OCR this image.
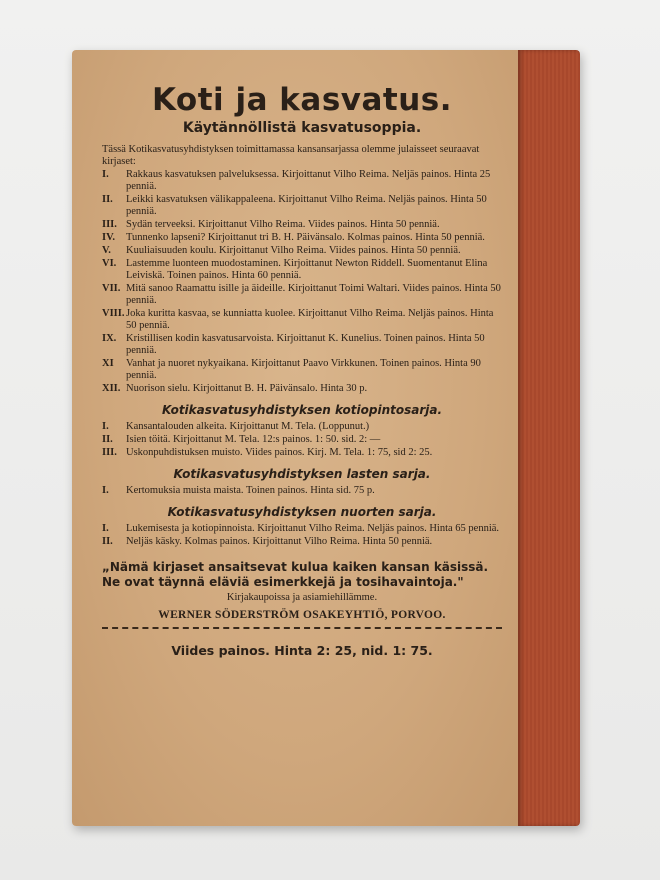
Koti ja kasvatus.
Käytännöllistä kasvatusoppia.

Tässä Kotikasvatusyhdistyksen toimittamassa kansansarjassa olemme julaisseet seuraavat kirjaset:

I.	Rakkaus kasvatuksen palveluksessa. Kirjoittanut Vilho Reima. Neljäs painos. Hinta 25 penniä.
II.	Leikki kasvatuksen välikappaleena. Kirjoittanut Vilho Reima. Neljäs painos. Hinta 50 penniä.
III. Sydän terveeksi. Kirjoittanut Vilho Reima. Viides painos. Hinta 50 penniä.
IV.	Tunnenko lapseni? Kirjoittanut tri B. H. Päivänsalo. Kolmas painos. Hinta 50 penniä.
V.	Kuuliaisuuden koulu. Kirjoittanut Vilho Reima. Viides painos. Hinta 50 penniä.
VI. Lastemme luonteen muodostaminen. Kirjoittanut Newton Riddell. Suomentanut Elina Leiviskä. Toinen painos. Hinta 60 penniä.
VII. Mitä sanoo Raamattu isille ja äideille. Kirjoittanut Toimi Waltari. Viides painos. Hinta 50 penniä.
VIII. Joka kuritta kasvaa, se kunniatta kuolee. Kirjoittanut Vilho Reima. Neljäs painos. Hinta 50 penniä.
IX. Kristillisen kodin kasvatusarvoista. Kirjoittanut K. Kunelius. Toinen painos. Hinta 50 penniä.
XI	Vanhat ja nuoret nykyaikana. Kirjoittanut Paavo Virkkunen. Toinen painos. Hinta 90 penniä.
XII. Nuorison sielu. Kirjoittanut B. H. Päivänsalo. Hinta 30 p.
Kotikasvatusyhdistyksen kotiopintosarja.
I.	Kansantalouden alkeita. Kirjoittanut M. Tela. (Loppunut.)
II.	Isien töitä. Kirjoittanut M. Tela. 12:s painos. 1: 50. sid. 2: —
III. Uskonpuhdistuksen muisto. Viides painos. Kirj. M. Tela. 1: 75, sid 2: 25.
Kotikasvatusyhdistyksen lasten sarja.
I.	Kertomuksia muista maista. Toinen painos. Hinta sid. 75 p.
Kotikasvatusyhdistyksen nuorten sarja.
I.	Lukemisesta ja kotiopinnoista. Kirjoittanut Vilho Reima. Neljäs painos. Hinta 65 penniä.
II.	Neljäs käsky. Kolmas painos. Kirjoittanut Vilho Reima. Hinta 50 penniä.
„Nämä kirjaset ansaitsevat kulua kaiken kansan käsissä. Ne ovat täynnä eläviä esimerkkejä ja tosihavaintoja."
Kirjakaupoissa ja asiamiehillämme.
WERNER SÖDERSTRÖM OSAKEYHTIÖ, PORVOO.
Viides painos. Hinta 2: 25, nid. 1: 75.
